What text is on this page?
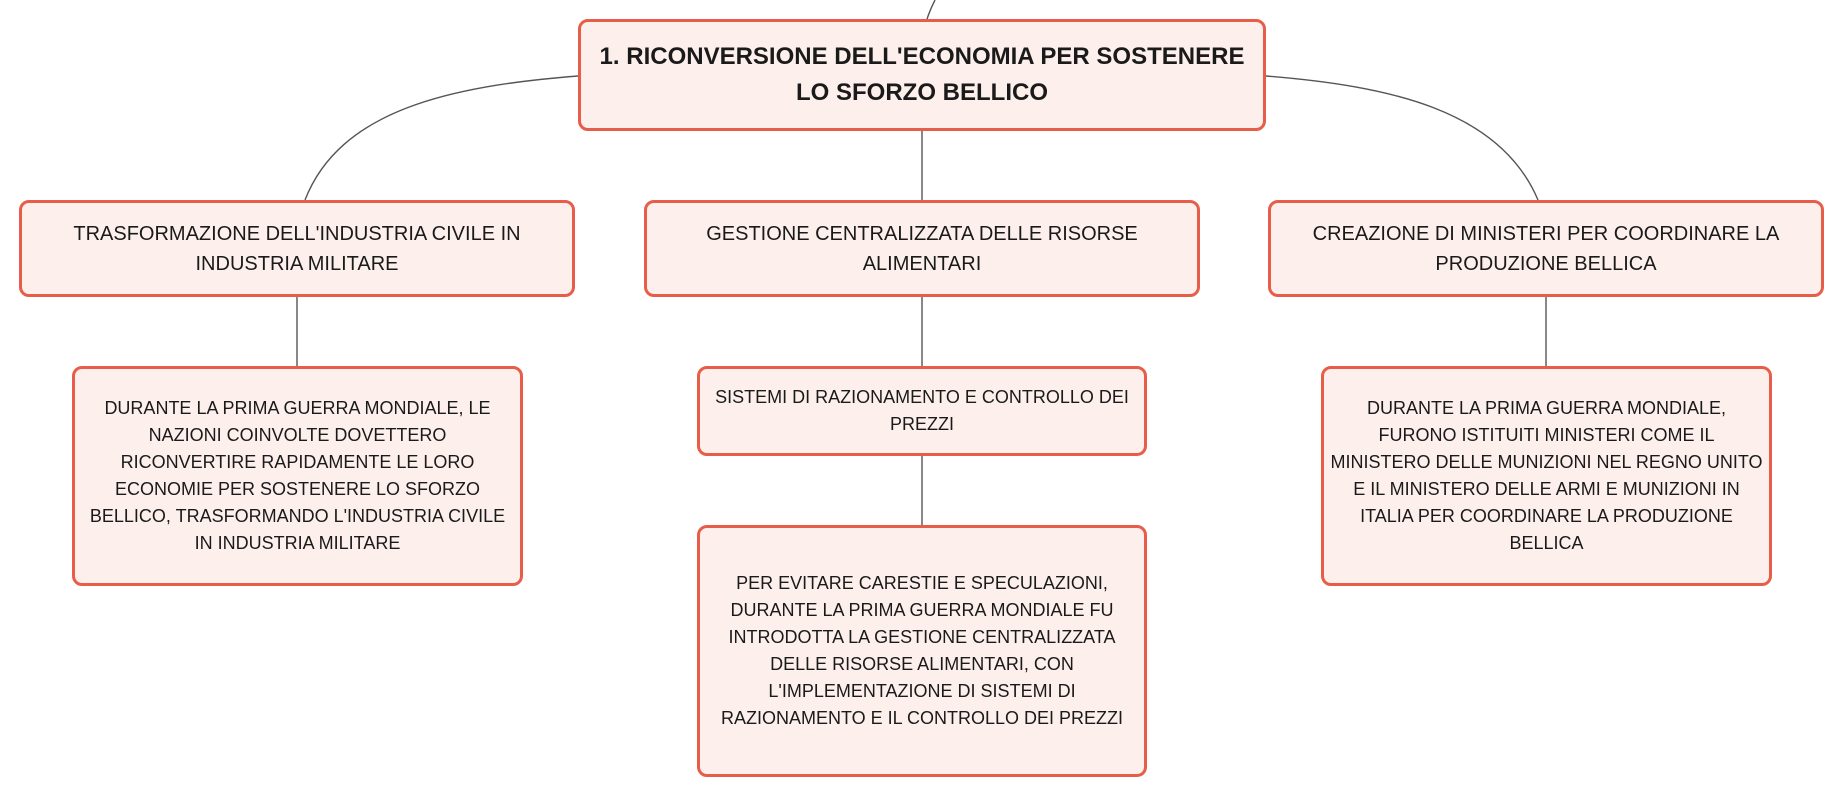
1. RICONVERSIONE DELL'ECONOMIA PER SOSTENERE LO SFORZO BELLICO
TRASFORMAZIONE DELL'INDUSTRIA CIVILE IN INDUSTRIA MILITARE
GESTIONE CENTRALIZZATA DELLE RISORSE ALIMENTARI
CREAZIONE DI MINISTERI PER COORDINARE LA PRODUZIONE BELLICA
DURANTE LA PRIMA GUERRA MONDIALE, LE NAZIONI COINVOLTE DOVETTERO RICONVERTIRE RAPIDAMENTE LE LORO ECONOMIE PER SOSTENERE LO SFORZO BELLICO, TRASFORMANDO L'INDUSTRIA CIVILE IN INDUSTRIA MILITARE
SISTEMI DI RAZIONAMENTO E CONTROLLO DEI PREZZI
PER EVITARE CARESTIE E SPECULAZIONI, DURANTE LA PRIMA GUERRA MONDIALE FU INTRODOTTA LA GESTIONE CENTRALIZZATA DELLE RISORSE ALIMENTARI, CON L'IMPLEMENTAZIONE DI SISTEMI DI RAZIONAMENTO E IL CONTROLLO DEI PREZZI
DURANTE LA PRIMA GUERRA MONDIALE, FURONO ISTITUITI MINISTERI COME IL MINISTERO DELLE MUNIZIONI NEL REGNO UNITO E IL MINISTERO DELLE ARMI E MUNIZIONI IN ITALIA PER COORDINARE LA PRODUZIONE BELLICA
